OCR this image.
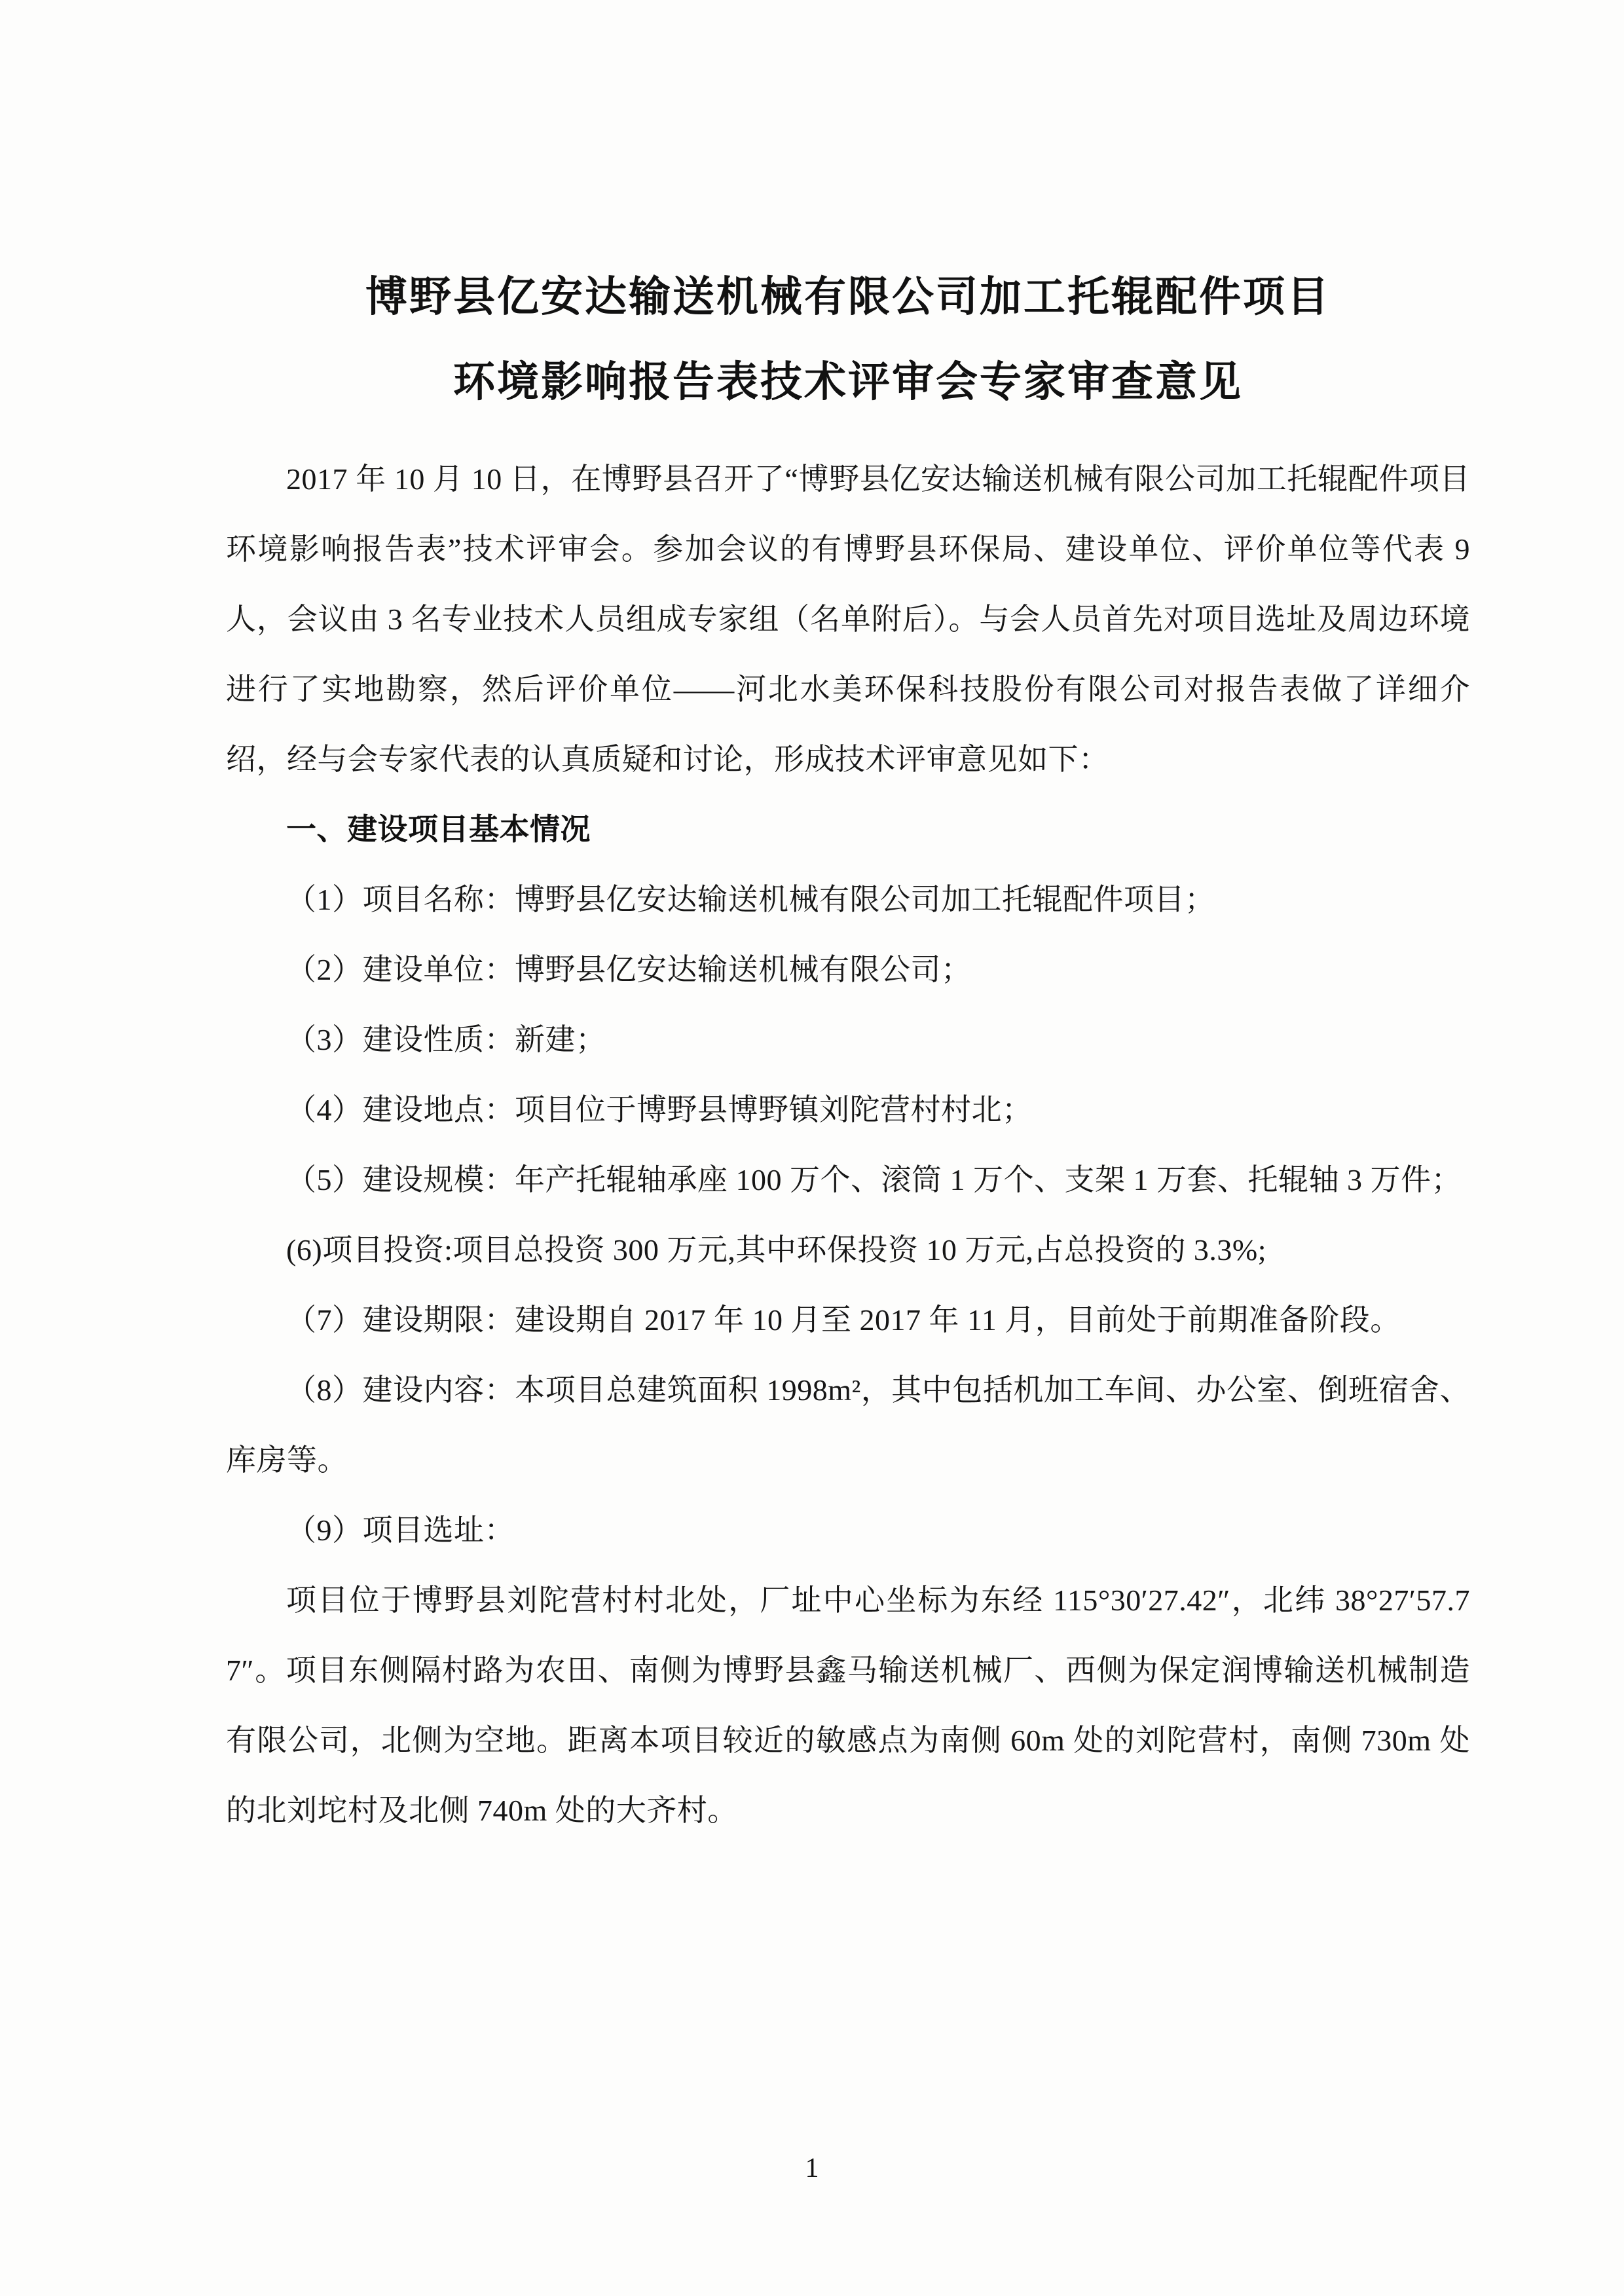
博野县亿安达输送机械有限公司加工托辊配件项目
环境影响报告表技术评审会专家审查意见

2017 年 10 月 10 日，在博野县召开了“博野县亿安达输送机械有限公司加工托辊配件项目环境影响报告表”技术评审会。参加会议的有博野县环保局、建设单位、评价单位等代表 9 人，会议由 3 名专业技术人员组成专家组（名单附后）。与会人员首先对项目选址及周边环境进行了实地勘察，然后评价单位——河北水美环保科技股份有限公司对报告表做了详细介绍，经与会专家代表的认真质疑和讨论，形成技术评审意见如下：

一、建设项目基本情况

（1）项目名称：博野县亿安达输送机械有限公司加工托辊配件项目；

（2）建设单位：博野县亿安达输送机械有限公司；

（3）建设性质：新建；

（4）建设地点：项目位于博野县博野镇刘陀营村村北；

（5）建设规模：年产托辊轴承座 100 万个、滚筒 1 万个、支架 1 万套、托辊轴 3 万件；

(6)项目投资:项目总投资 300 万元,其中环保投资 10 万元,占总投资的 3.3%;

（7）建设期限：建设期自 2017 年 10 月至 2017 年 11 月，目前处于前期准备阶段。

（8）建设内容：本项目总建筑面积 1998m²，其中包括机加工车间、办公室、倒班宿舍、库房等。

（9）项目选址：

项目位于博野县刘陀营村村北处，厂址中心坐标为东经 115°30′27.42″，北纬 38°27′57.77″。项目东侧隔村路为农田、南侧为博野县鑫马输送机械厂、西侧为保定润博输送机械制造有限公司，北侧为空地。距离本项目较近的敏感点为南侧 60m 处的刘陀营村，南侧 730m 处的北刘坨村及北侧 740m 处的大齐村。

1
